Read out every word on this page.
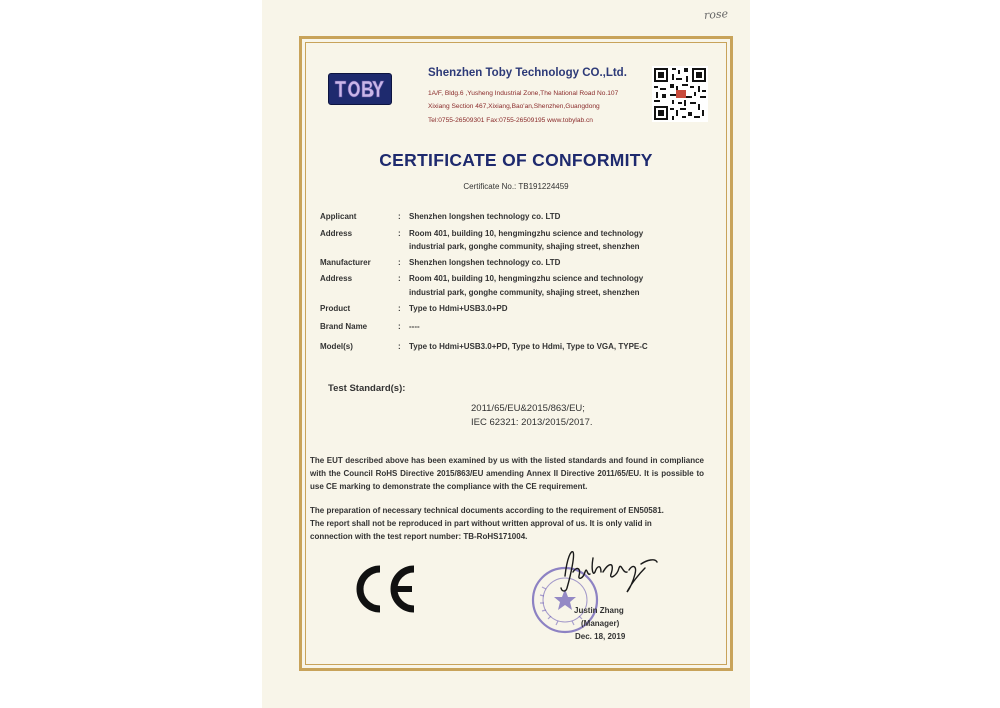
rose
Shenzhen Toby Technology CO.,Ltd.
1A/F, Bldg.6 ,Yusheng Industrial Zone,The National Road No.107
Xixiang Section 467,Xixiang,Bao'an,Shenzhen,Guangdong
Tel:0755-26509301 Fax:0755-26509195 www.tobylab.cn
CERTIFICATE OF CONFORMITY
Certificate No.: TB191224459
Applicant	: Shenzhen longshen technology co. LTD
Address	: Room 401, building 10, hengmingzhu science and technology
industrial park, gonghe community, shajing street, shenzhen
Manufacturer	: Shenzhen longshen technology co. LTD
Address	: Room 401, building 10, hengmingzhu science and technology
industrial park, gonghe community, shajing street, shenzhen
Product	: Type to Hdmi+USB3.0+PD
Brand Name	: ----
Model(s)	: Type to Hdmi+USB3.0+PD, Type to Hdmi, Type to VGA, TYPE-C
Test Standard(s):
2011/65/EU&2015/863/EU;
IEC 62321: 2013/2015/2017.
The EUT described above has been examined by us with the listed standards and found in compliance with the Council RoHS Directive 2015/863/EU amending Annex II Directive 2011/65/EU. It is possible to use CE marking to demonstrate the compliance with the CE requirement.
The preparation of necessary technical documents according to the requirement of EN50581.
The report shall not be reproduced in part without written approval of us. It is only valid in
connection with the test report number: TB-RoHS171004.
Justin Zhang
(Manager)
Dec. 18, 2019
